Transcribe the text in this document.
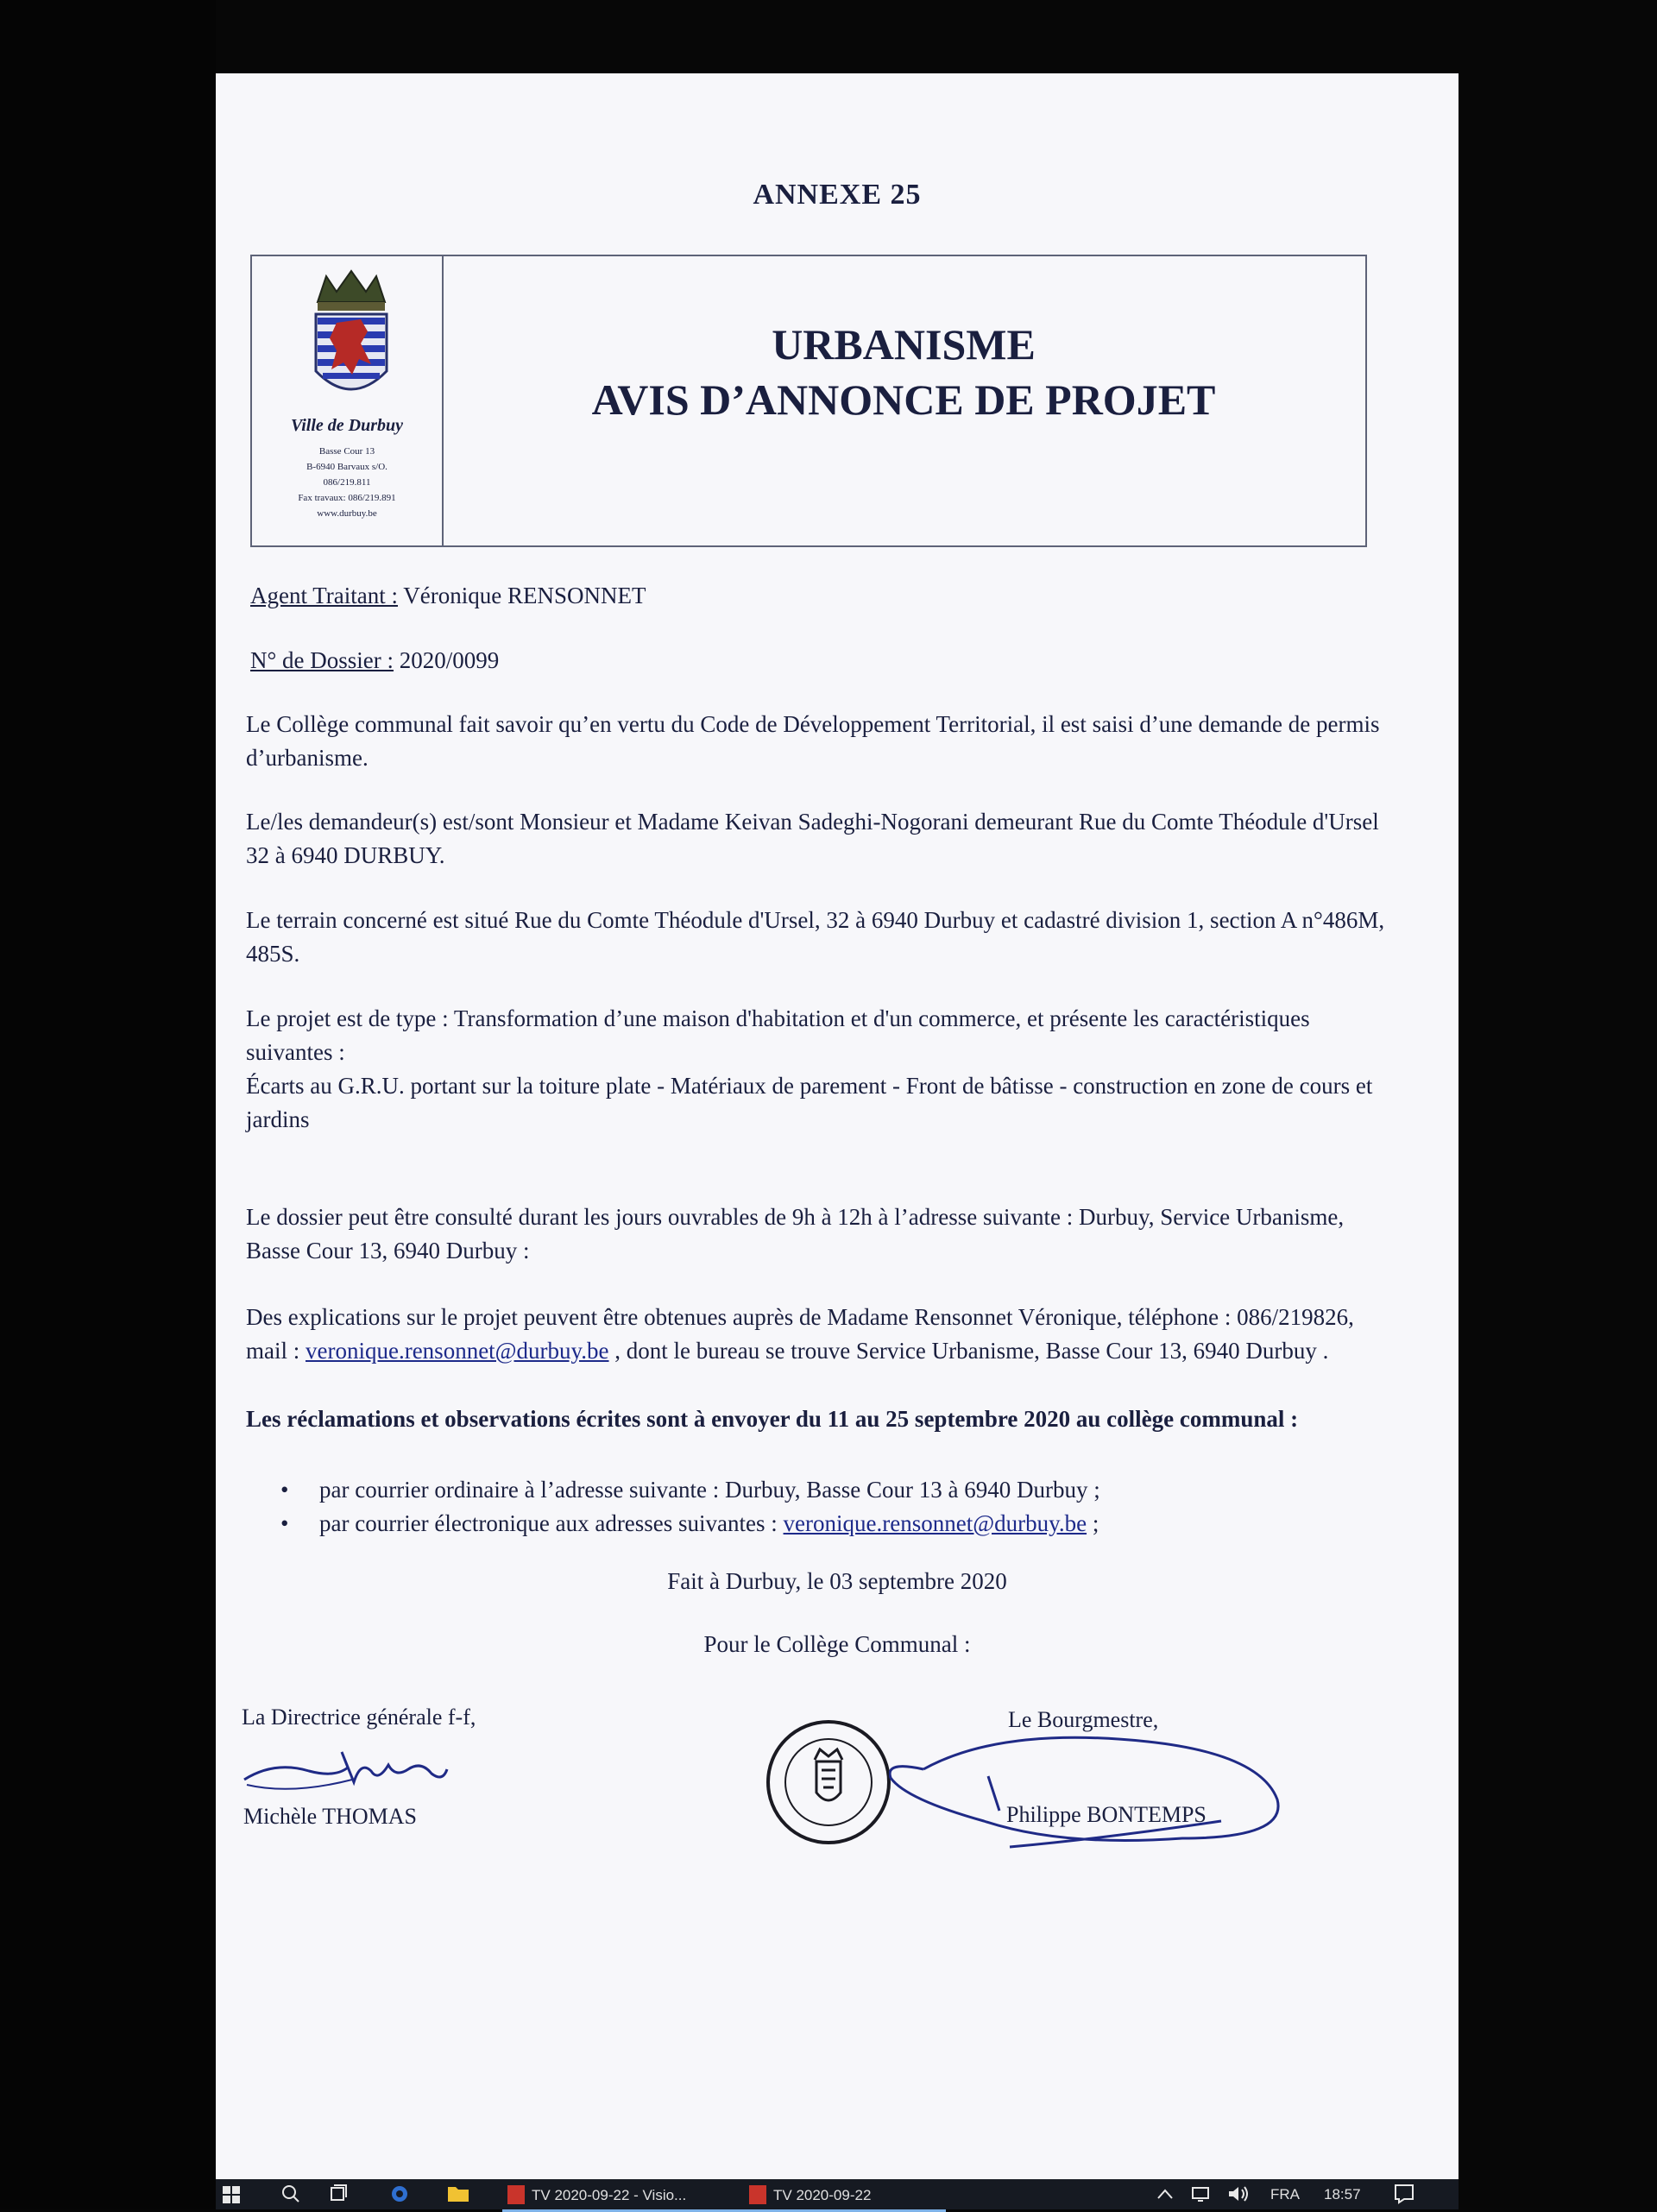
ANNEXE 25
Ville de Durbuy
Basse Cour 13
B-6940 Barvaux s/O.
086/219.811
Fax travaux: 086/219.891
www.durbuy.be
URBANISME
AVIS D’ANNONCE DE PROJET
Agent Traitant : Véronique RENSONNET
N° de Dossier : 2020/0099
Le Collège communal fait savoir qu’en vertu du Code de Développement Territorial, il est saisi d’une demande de permis d’urbanisme.
Le/les demandeur(s) est/sont Monsieur et Madame Keivan Sadeghi-Nogorani demeurant Rue du Comte Théodule d'Ursel 32 à 6940 DURBUY.
Le terrain concerné est situé Rue du Comte Théodule d'Ursel, 32 à 6940 Durbuy et cadastré division 1, section A n°486M, 485S.
Le projet est de type : Transformation d’une maison d'habitation et d'un commerce, et présente les caractéristiques suivantes :
Écarts au G.R.U. portant sur la toiture plate - Matériaux de parement - Front de bâtisse - construction en zone de cours et jardins
Le dossier peut être consulté durant les jours ouvrables de 9h à 12h à l’adresse suivante : Durbuy, Service Urbanisme, Basse Cour 13, 6940 Durbuy :
Des explications sur le projet peuvent être obtenues auprès de Madame Rensonnet Véronique, téléphone : 086/219826, mail : veronique.rensonnet@durbuy.be , dont le bureau se trouve Service Urbanisme, Basse Cour 13, 6940 Durbuy .
Les réclamations et observations écrites sont à envoyer du 11 au 25 septembre 2020 au collège communal :
• par courrier ordinaire à l’adresse suivante : Durbuy, Basse Cour 13 à 6940 Durbuy ;
• par courrier électronique aux adresses suivantes : veronique.rensonnet@durbuy.be ;
Fait à Durbuy, le 03 septembre 2020
Pour le Collège Communal :
La Directrice générale f-f,
Michèle THOMAS
Le Bourgmestre,
Philippe BONTEMPS
TV 2020-09-22 - Visio...	TV 2020-09-22	FRA 18:57
